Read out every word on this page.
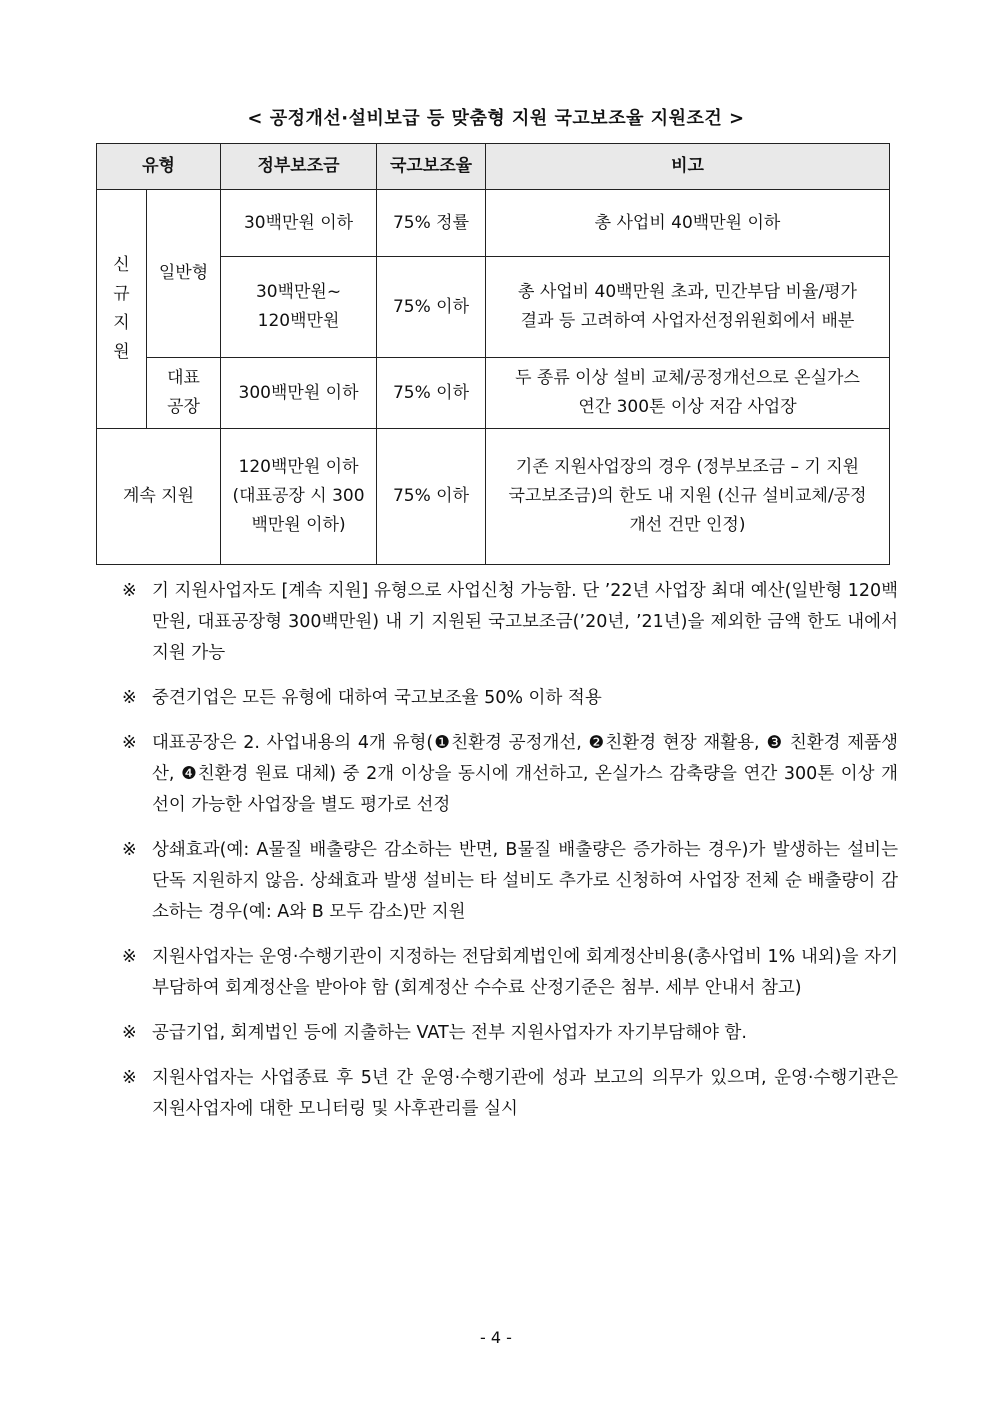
< 공정개선·설비보급 등 맞춤형 지원 국고보조율 지원조건 >
유형		정부보조금	국고보조율	비고
신규지원	일반형	30백만원 이하	75% 정률	총 사업비 40백만원 이하
		30백만원~ 120백만원	75% 이하	총 사업비 40백만원 초과, 민간부담 비율/평가 결과 등 고려하여 사업자선정위원회에서 배분
	대표공장	300백만원 이하	75% 이하	두 종류 이상 설비 교체/공정개선으로 온실가스 연간 300톤 이상 저감 사업장
계속 지원		120백만원 이하 (대표공장 시 300백만원 이하)	75% 이하	기존 지원사업장의 경우 (정부보조금 – 기 지원 국고보조금)의 한도 내 지원 (신규 설비교체/공정개선 건만 인정)
※ 기 지원사업자도 [계속 지원] 유형으로 사업신청 가능함. 단 ’22년 사업장 최대 예산(일반형 120백만원, 대표공장형 300백만원) 내 기 지원된 국고보조금(’20년, ’21년)을 제외한 금액 한도 내에서 지원 가능
※ 중견기업은 모든 유형에 대하여 국고보조율 50% 이하 적용
※ 대표공장은 2. 사업내용의 4개 유형(❶친환경 공정개선, ❷친환경 현장 재활용, ❸ 친환경 제품생산, ❹친환경 원료 대체) 중 2개 이상을 동시에 개선하고, 온실가스 감축량을 연간 300톤 이상 개선이 가능한 사업장을 별도 평가로 선정
※ 상쇄효과(예: A물질 배출량은 감소하는 반면, B물질 배출량은 증가하는 경우)가 발생하는 설비는 단독 지원하지 않음. 상쇄효과 발생 설비는 타 설비도 추가로 신청하여 사업장 전체 순 배출량이 감소하는 경우(예: A와 B 모두 감소)만 지원
※ 지원사업자는 운영·수행기관이 지정하는 전담회계법인에 회계정산비용(총사업비 1% 내외)을 자기부담하여 회계정산을 받아야 함 (회계정산 수수료 산정기준은 첨부. 세부 안내서 참고)
※ 공급기업, 회계법인 등에 지출하는 VAT는 전부 지원사업자가 자기부담해야 함.
※ 지원사업자는 사업종료 후 5년 간 운영·수행기관에 성과 보고의 의무가 있으며, 운영·수행기관은 지원사업자에 대한 모니터링 및 사후관리를 실시
- 4 -
